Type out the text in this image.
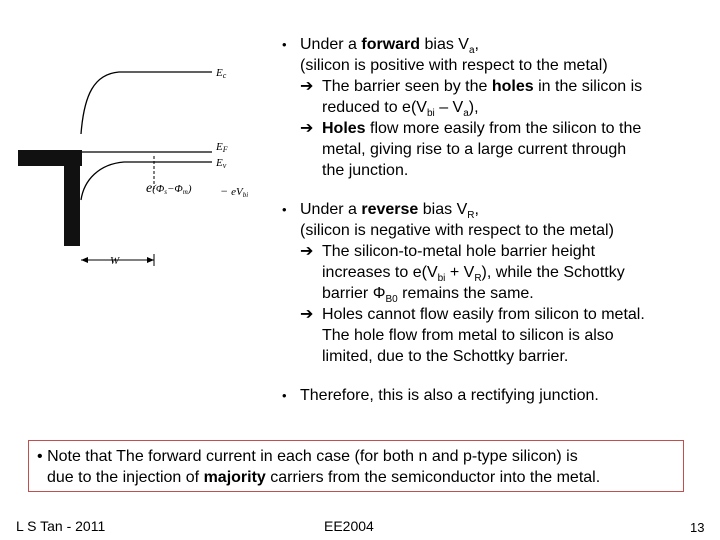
Ec
EF
Ev
e(Φs−Φm) − eVbi
W
• Under a forward bias $V_a$,
(silicon is positive with respect to the metal)
➔ The barrier seen by the holes in the silicon is
reduced to $e(V_{bi} - V_a)$,
➔ Holes flow more easily from the silicon to the
metal, giving rise to a large current through
the junction.
• Under a reverse bias $V_R$,
(silicon is negative with respect to the metal)
➔ The silicon-to-metal hole barrier height
increases to $e(V_{bi} + V_R)$, while the Schottky
barrier $\Phi_{B0}$ remains the same.
➔ Holes cannot flow easily from silicon to metal.
The hole flow from metal to silicon is also
limited, due to the Schottky barrier.
• Therefore, this is also a rectifying junction.
• Note that The forward current in each case (for both n and p-type silicon) is
due to the injection of majority carriers from the semiconductor into the metal.
L S Tan - 2011	EE2004	13
